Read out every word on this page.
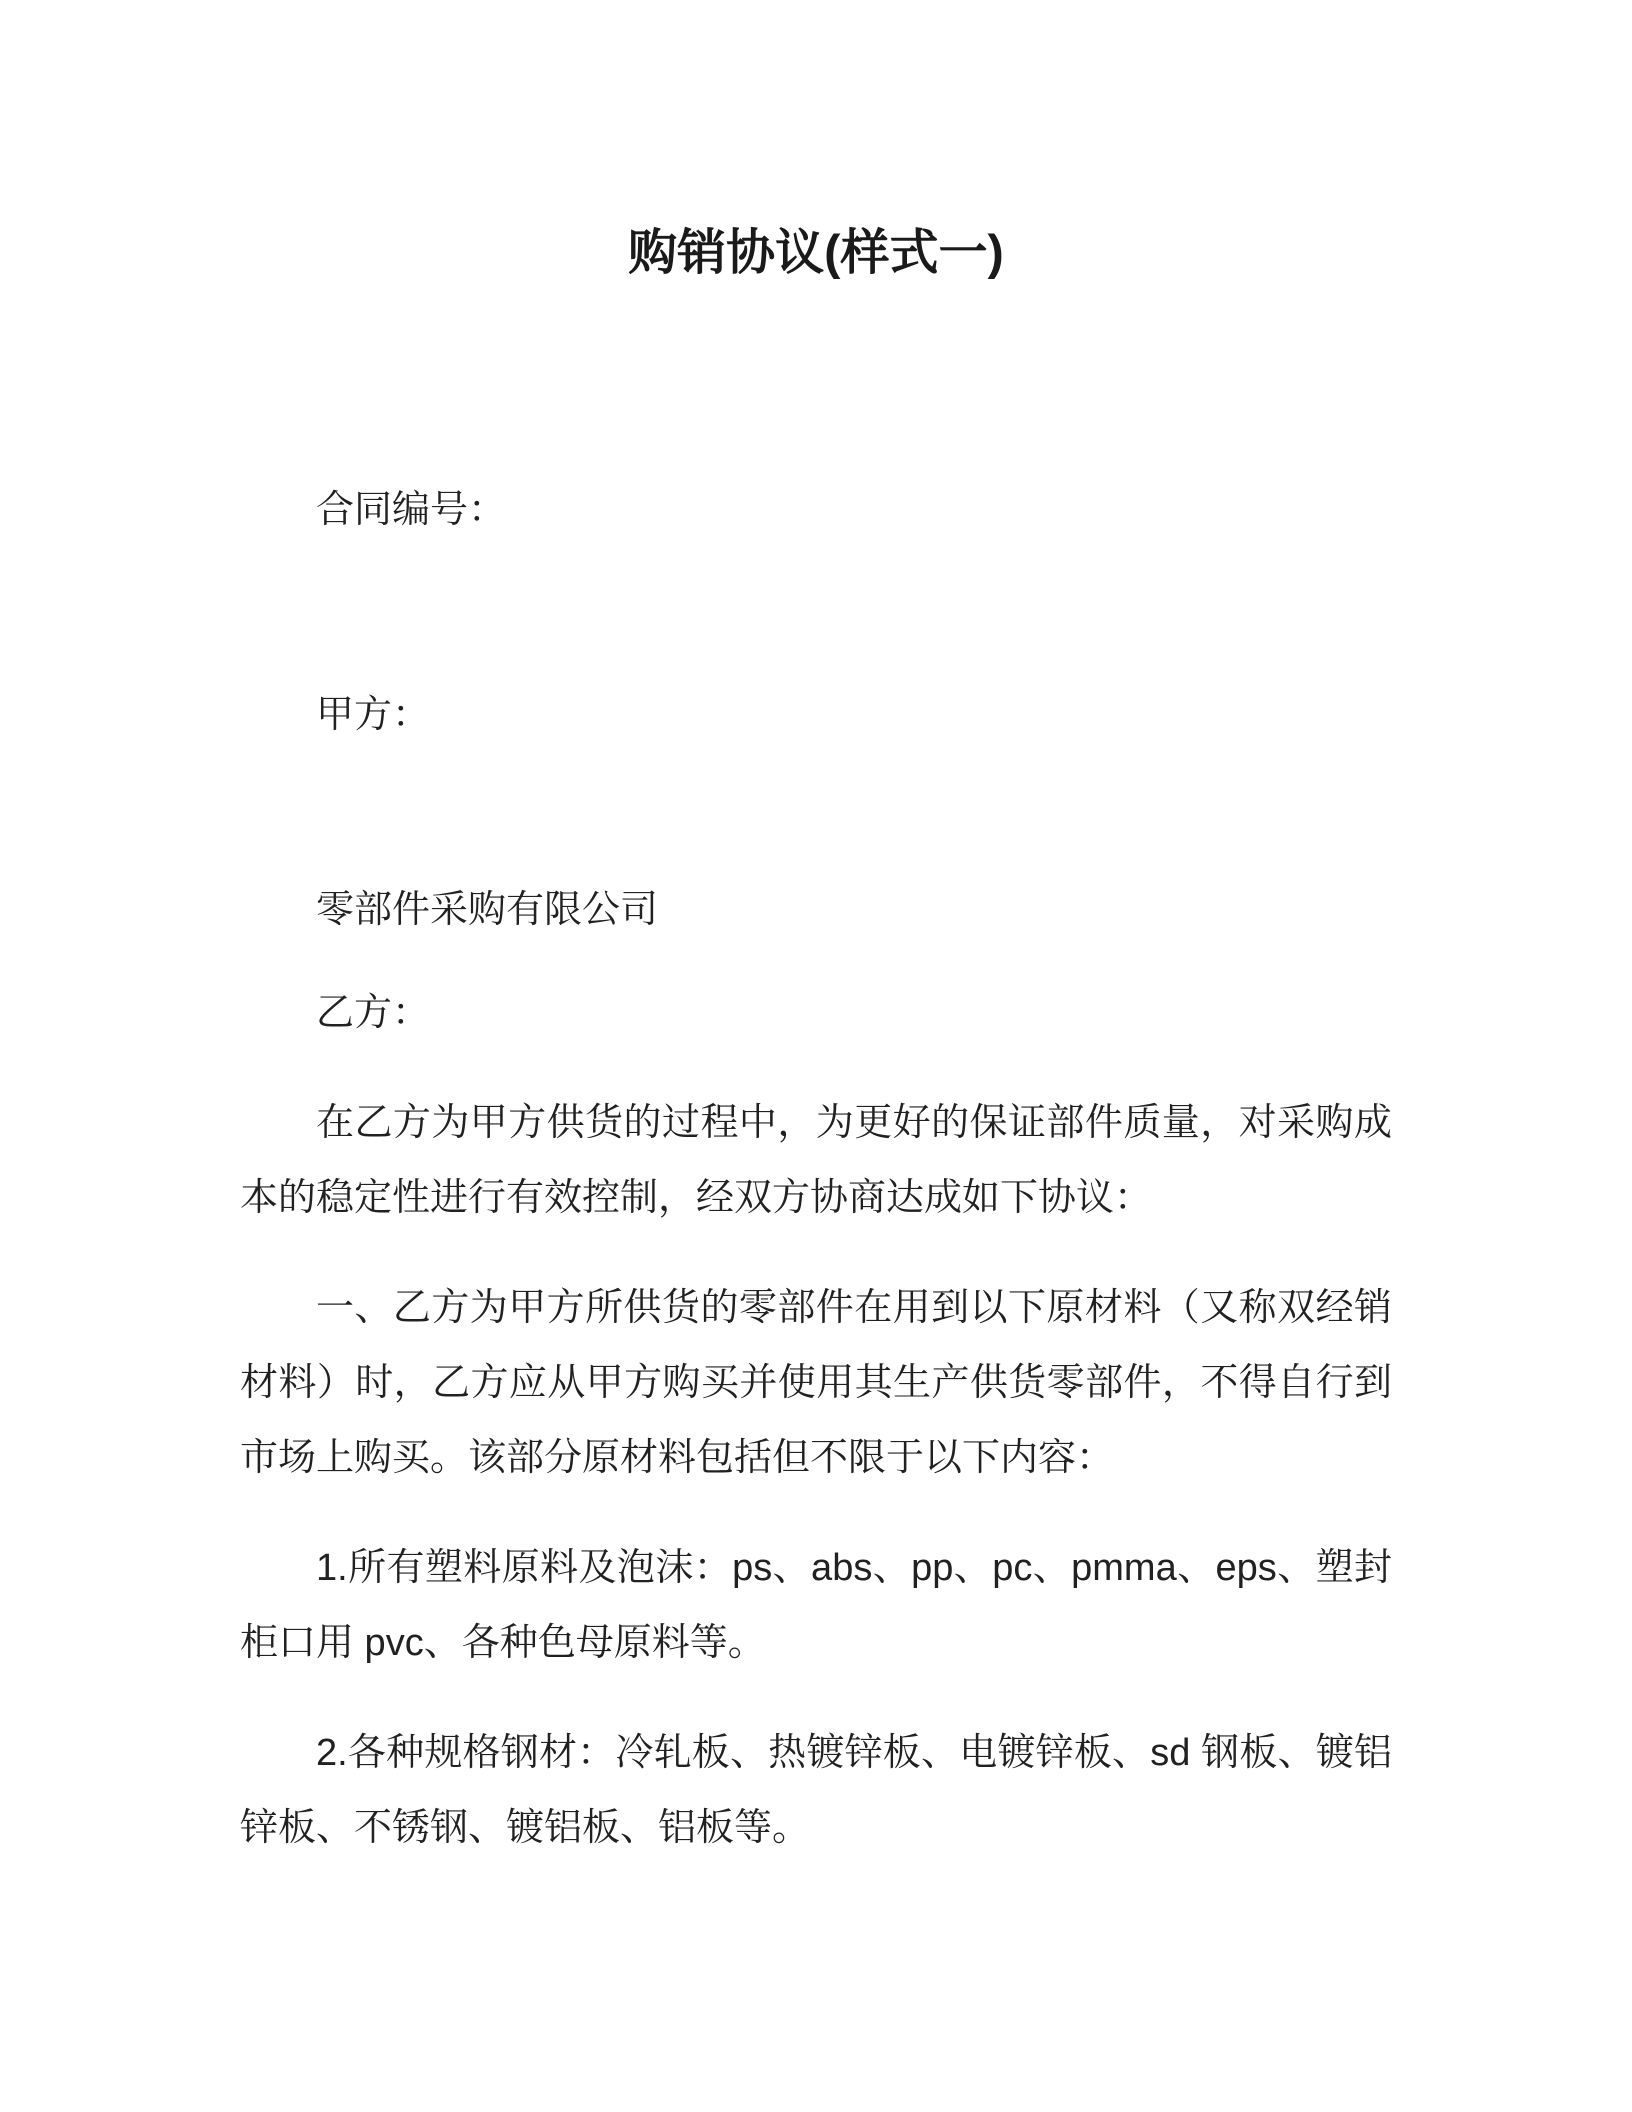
购销协议(样式一)

合同编号：

甲方：

零部件采购有限公司

乙方：

在乙方为甲方供货的过程中，为更好的保证部件质量，对采购成本的稳定性进行有效控制，经双方协商达成如下协议：

一、乙方为甲方所供货的零部件在用到以下原材料（又称双经销材料）时，乙方应从甲方购买并使用其生产供货零部件，不得自行到市场上购买。该部分原材料包括但不限于以下内容：

1.所有塑料原料及泡沫：ps、abs、pp、pc、pmma、eps、塑封柜口用 pvc、各种色母原料等。

2.各种规格钢材：冷轧板、热镀锌板、电镀锌板、sd 钢板、镀铝锌板、不锈钢、镀铝板、铝板等。
